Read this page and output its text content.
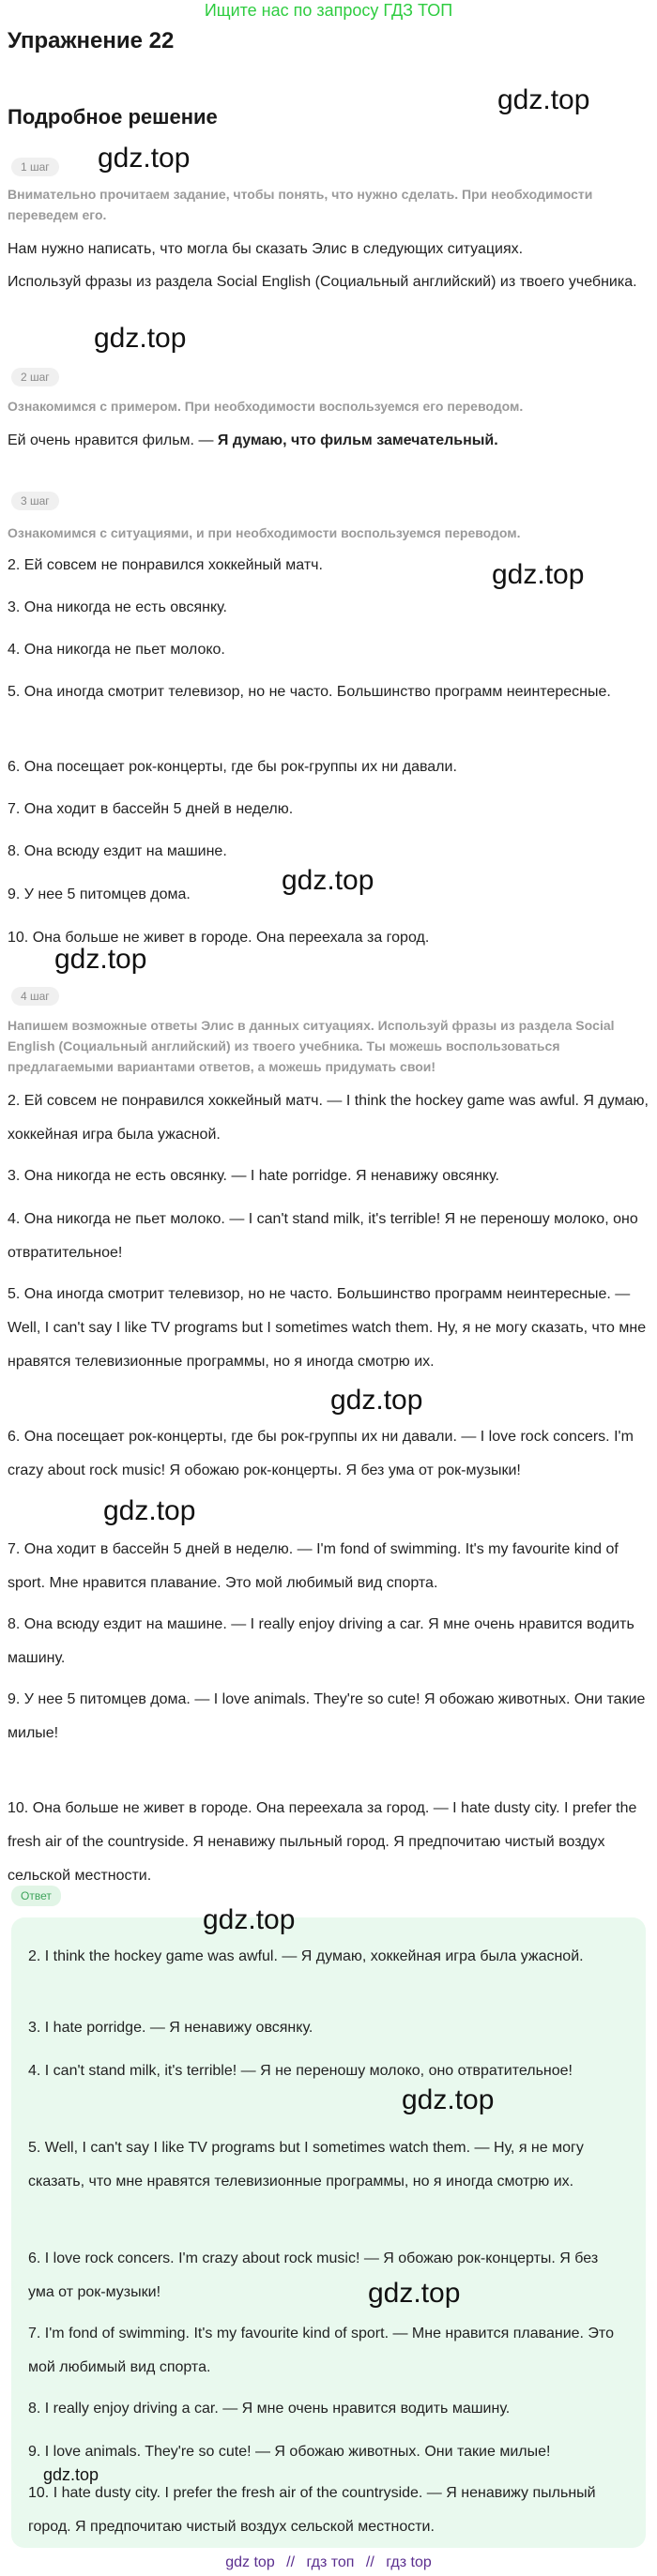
Ищите нас по запросу ГДЗ ТОП
Упражнение 22
Подробное решение
gdz.top
gdz.top
gdz.top
gdz.top
gdz.top
gdz.top
gdz.top
gdz.top
1 шаг

Внимательно прочитаем задание, чтобы понять, что нужно сделать. При необходимости переведем его.

Нам нужно написать, что могла бы сказать Элис в следующих ситуациях.

Используй фразы из раздела Social English (Социальный английский) из твоего учебника.

2 шаг

Ознакомимся с примером. При необходимости воспользуемся его переводом.

Ей очень нравится фильм. — Я думаю, что фильм замечательный.

3 шаг

Ознакомимся с ситуациями, и при необходимости воспользуемся переводом.

2. Ей совсем не понравился хоккейный матч.

3. Она никогда не есть овсянку.

4. Она никогда не пьет молоко.

5. Она иногда смотрит телевизор, но не часто. Большинство программ неинтересные.

6. Она посещает рок-концерты, где бы рок-группы их ни давали.

7. Она ходит в бассейн 5 дней в неделю.

8. Она всюду ездит на машине.

9. У нее 5 питомцев дома.

10. Она больше не живет в городе. Она переехала за город.

4 шаг

Напишем возможные ответы Элис в данных ситуациях. Используй фразы из раздела Social English (Социальный английский) из твоего учебника. Ты можешь воспользоваться предлагаемыми вариантами ответов, а можешь придумать свои!

2. Ей совсем не понравился хоккейный матч. — I think the hockey game was awful. Я думаю, хоккейная игра была ужасной.

3. Она никогда не есть овсянку. — I hate porridge. Я ненавижу овсянку.

4. Она никогда не пьет молоко. — I can't stand milk, it's terrible! Я не переношу молоко, оно отвратительное!

5. Она иногда смотрит телевизор, но не часто. Большинство программ неинтересные. — Well, I can't say I like TV programs but I sometimes watch them. Ну, я не могу сказать, что мне нравятся телевизионные программы, но я иногда смотрю их.

6. Она посещает рок-концерты, где бы рок-группы их ни давали. — I love rock concers. I'm crazy about rock music! Я обожаю рок-концерты. Я без ума от рок-музыки!

7. Она ходит в бассейн 5 дней в неделю. — I'm fond of swimming. It's my favourite kind of sport. Мне нравится плавание. Это мой любимый вид спорта.

8. Она всюду ездит на машине. — I really enjoy driving a car. Я мне очень нравится водить машину.

9. У нее 5 питомцев дома. — I love animals. They're so cute! Я обожаю животных. Они такие милые!

10. Она больше не живет в городе. Она переехала за город. — I hate dusty city. I prefer the fresh air of the countryside. Я ненавижу пыльный город. Я предпочитаю чистый воздух сельской местности.

Ответ
gdz.top
gdz.top
gdz.top
gdz.top

2. I think the hockey game was awful. — Я думаю, хоккейная игра была ужасной.

3. I hate porridge. — Я ненавижу овсянку.

4. I can't stand milk, it's terrible! — Я не переношу молоко, оно отвратительное!

5. Well, I can't say I like TV programs but I sometimes watch them. — Ну, я не могу сказать, что мне нравятся телевизионные программы, но я иногда смотрю их.

6. I love rock concers. I'm crazy about rock music! — Я обожаю рок-концерты. Я без ума от рок-музыки!

7. I'm fond of swimming. It's my favourite kind of sport. — Мне нравится плавание. Это мой любимый вид спорта.

8. I really enjoy driving a car. — Я мне очень нравится водить машину.

9. I love animals. They're so cute! — Я обожаю животных. Они такие милые!

10. I hate dusty city. I prefer the fresh air of the countryside. — Я ненавижу пыльный город. Я предпочитаю чистый воздух сельской местности.

gdz top // гдз топ // гдз top
